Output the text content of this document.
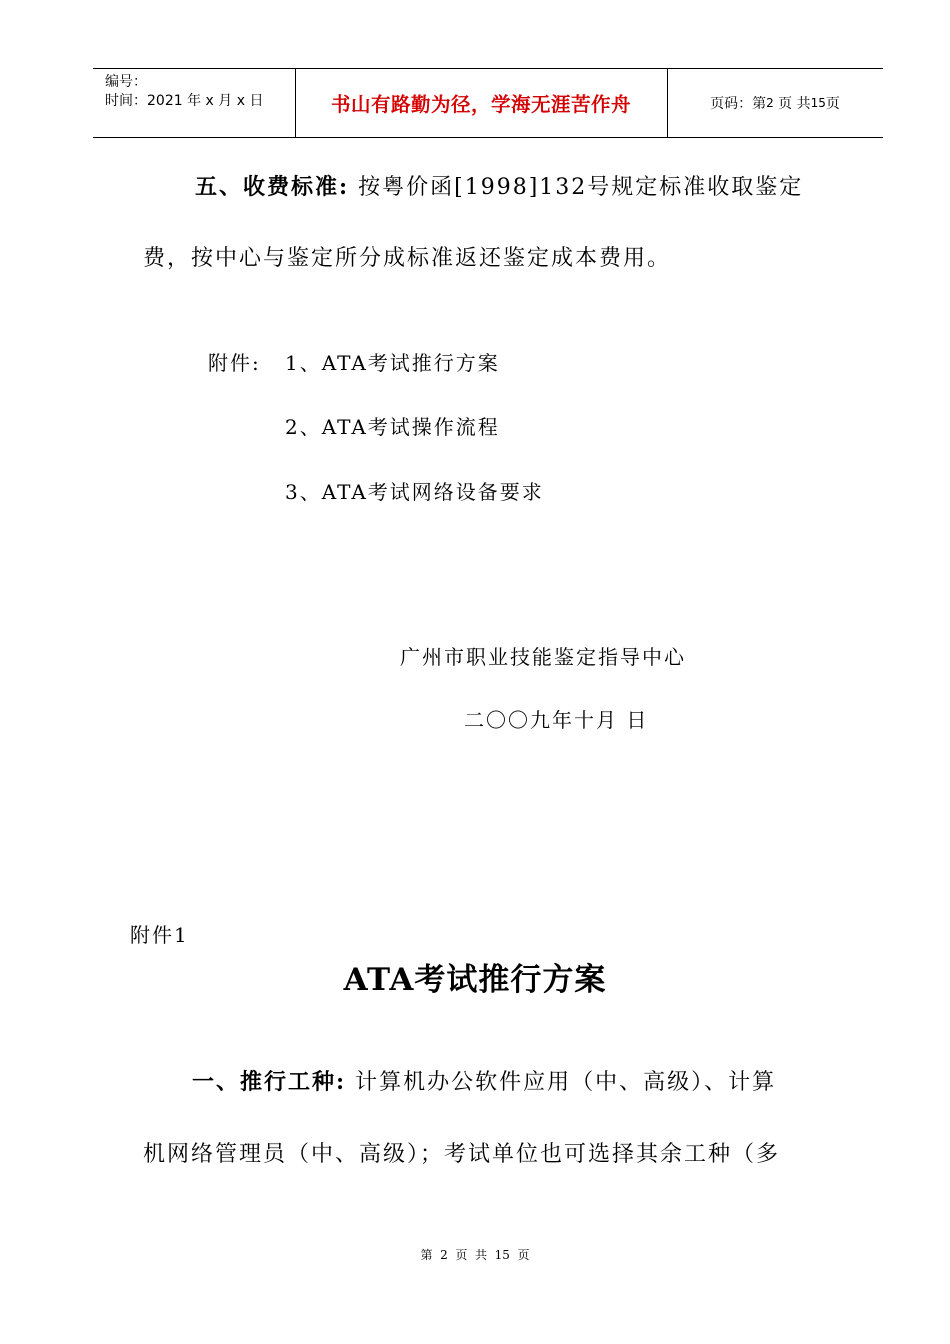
编号：
时间：2021 年 x 月 x 日	书山有路勤为径，学海无涯苦作舟	页码：第 2
页 共 15 页
五、收费标准: 按粤价函[1998]132号规定标准收取鉴定
费，按中心与鉴定所分成标准返还鉴定成本费用。
附件: 1、ATA考试推行方案
2、ATA考试操作流程
3、ATA考试网络设备要求
广州市职业技能鉴定指导中心
二〇〇九年十月 日
附件1
ATA考试推行方案
一、推行工种: 计算机办公软件应用（中、高级）、计算
机网络管理员（中、高级）；考试单位也可选择其余工种（多
第  2  页  共  15  页
